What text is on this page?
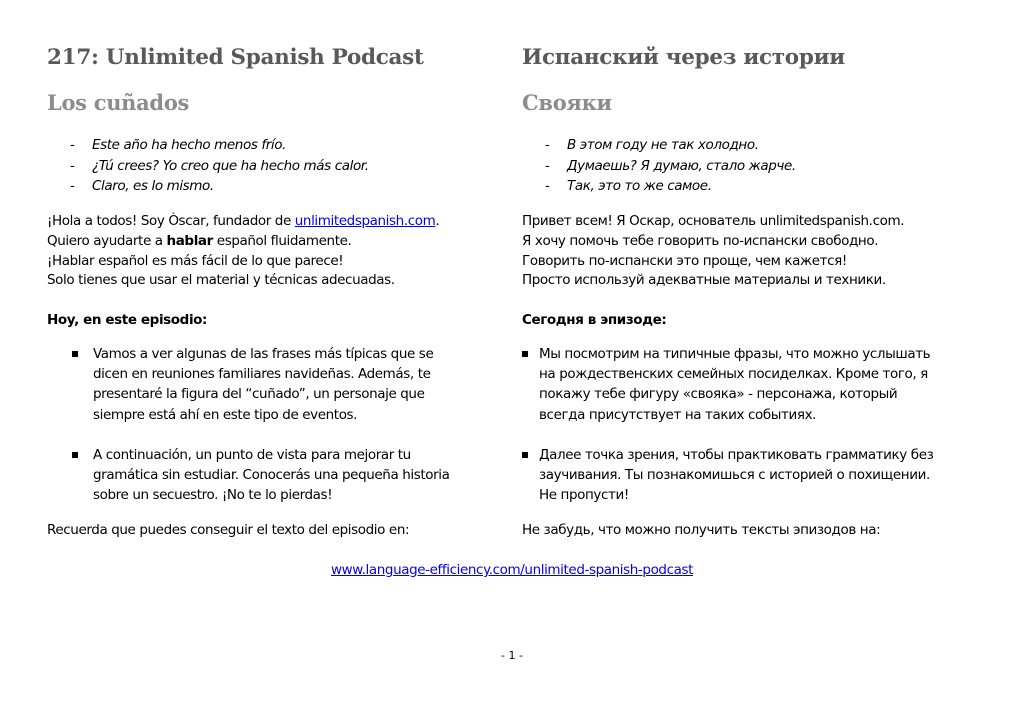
217: Unlimited Spanish Podcast
Los cuñados
- Este año ha hecho menos frío.
- ¿Tú crees? Yo creo que ha hecho más calor.
- Claro, es lo mismo.

¡Hola a todos! Soy Òscar, fundador de unlimitedspanish.com.
Quiero ayudarte a hablar español fluidamente.
¡Hablar español es más fácil de lo que parece!
Solo tienes que usar el material y técnicas adecuadas.

Hoy, en este episodio:

Vamos a ver algunas de las frases más típicas que se
dicen en reuniones familiares navideñas. Además, te
presentaré la figura del “cuñado”, un personaje que
siempre está ahí en este tipo de eventos.
A continuación, un punto de vista para mejorar tu
gramática sin estudiar. Conocerás una pequeña historia
sobre un secuestro. ¡No te lo pierdas!

Recuerda que puedes conseguir el texto del episodio en:

Испанский через истории
Свояки
- В этом году не так холодно.
- Думаешь? Я думаю, стало жарче.
- Так, это то же самое.

Привет всем! Я Оскар, основатель unlimitedspanish.com.
Я хочу помочь тебе говорить по-испански свободно.
Говорить по-испански это проще, чем кажется!
Просто используй адекватные материалы и техники.

Сегодня в эпизоде:

Мы посмотрим на типичные фразы, что можно услышать
на рождественских семейных посиделках. Кроме того, я
покажу тебе фигуру «свояка» - персонажа, который
всегда присутствует на таких событиях.
Далее точка зрения, чтобы практиковать грамматику без
заучивания. Ты познакомишься с историей о похищении.
Не пропусти!

Не забудь, что можно получить тексты эпизодов на:

www.language-efficiency.com/unlimited-spanish-podcast
- 1 -
